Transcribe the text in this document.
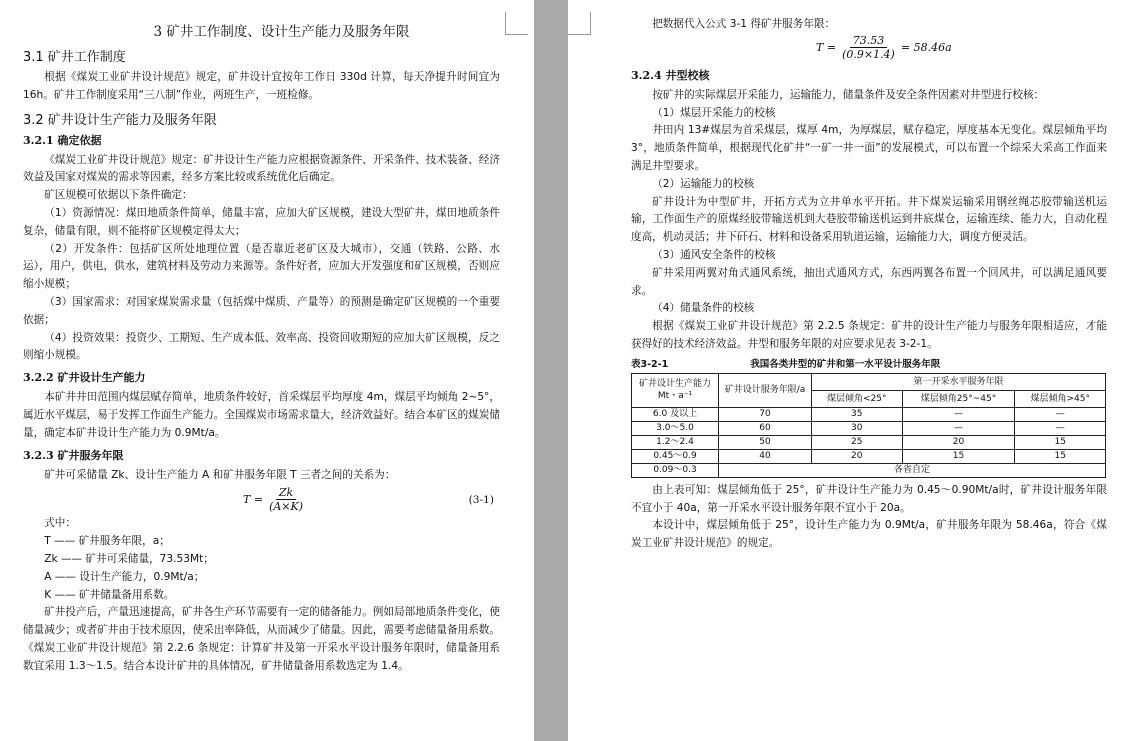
3 矿井工作制度、设计生产能力及服务年限

3.1 矿井工作制度

根据《煤炭工业矿井设计规范》规定，矿井设计宜按年工作日 330d 计算，每天净提升时间宜为 16h。矿井工作制度采用“三八制”作业，两班生产，一班检修。

3.2 矿井设计生产能力及服务年限

3.2.1 确定依据

《煤炭工业矿井设计规范》规定：矿井设计生产能力应根据资源条件、开采条件、技术装备、经济效益及国家对煤炭的需求等因素，经多方案比较或系统优化后确定。

矿区规模可依据以下条件确定：

（1）资源情况：煤田地质条件简单，储量丰富，应加大矿区规模，建设大型矿井，煤田地质条件复杂，储量有限，则不能将矿区规模定得太大；

（2）开发条件：包括矿区所处地理位置（是否靠近老矿区及大城市），交通（铁路、公路、水运），用户，供电，供水，建筑材料及劳动力来源等。条件好者，应加大开发强度和矿区规模，否则应缩小规模；

（3）国家需求：对国家煤炭需求量（包括煤中煤质、产量等）的预测是确定矿区规模的一个重要依据；

（4）投资效果：投资少、工期短、生产成本低、效率高、投资回收期短的应加大矿区规模，反之则缩小规模。

3.2.2 矿井设计生产能力

本矿井井田范围内煤层赋存简单，地质条件较好，首采煤层平均厚度 4m，煤层平均倾角 2~5°，属近水平煤层，易于发挥工作面生产能力。全国煤炭市场需求量大，经济效益好。结合本矿区的煤炭储量，确定本矿井设计生产能力为 0.9Mt/a。

3.2.3 矿井服务年限

矿井可采储量 Zk、设计生产能力 A 和矿井服务年限 T 三者之间的关系为：

$T = \frac{Zk}{(A\times K)}$	(3-1)

式中：

T —— 矿井服务年限，a；

Zk —— 矿井可采储量，73.53Mt；

A —— 设计生产能力，0.9Mt/a；

K —— 矿井储量备用系数。

矿井投产后，产量迅速提高，矿井各生产环节需要有一定的储备能力。例如局部地质条件变化，使储量减少；或者矿井由于技术原因，使采出率降低，从而减少了储量。因此，需要考虑储量备用系数。《煤炭工业矿井设计规范》第 2.2.6 条规定：计算矿井及第一开采水平设计服务年限时，储量备用系数宜采用 1.3～1.5。结合本设计矿井的具体情况，矿井储量备用系数选定为 1.4。

把数据代入公式 3-1 得矿井服务年限：

$T = \frac{73.53}{(0.9\times 1.4)} = 58.46a$

3.2.4 井型校核

按矿井的实际煤层开采能力，运输能力，储量条件及安全条件因素对井型进行校核：

（1）煤层开采能力的校核

井田内 13#煤层为首采煤层，煤厚 4m，为厚煤层，赋存稳定，厚度基本无变化。煤层倾角平均 3°，地质条件简单，根据现代化矿井“一矿一井一面”的发展模式，可以布置一个综采大采高工作面来满足井型要求。

（2）运输能力的校核

矿井设计为中型矿井，开拓方式为立井单水平开拓。井下煤炭运输采用钢丝绳芯胶带输送机运输，工作面生产的原煤经胶带输送机到大巷胶带输送机运到井底煤仓，运输连续、能力大，自动化程度高，机动灵活；井下矸石、材料和设备采用轨道运输，运输能力大，调度方便灵活。

（3）通风安全条件的校核

矿井采用两翼对角式通风系统，抽出式通风方式，东西两翼各布置一个回风井，可以满足通风要求。

（4）储量条件的校核

根据《煤炭工业矿井设计规范》第 2.2.5 条规定：矿井的设计生产能力与服务年限相适应，才能获得好的技术经济效益。井型和服务年限的对应要求见表 3-2-1。

表3-2-1	我国各类井型的矿井和第一水平设计服务年限
矿井设计生产能力Mt・a⁻¹	矿井设计服务年限/a	第一开采水平服务年限		
		煤层倾角<25°	煤层倾角25°~45°	煤层倾角>45°
6.0 及以上	70	35	—	—
3.0～5.0	60	30	—	—
1.2～2.4	50	25	20	15
0.45～0.9	40	20	15	15
0.09～0.3	各省自定			

由上表可知：煤层倾角低于 25°，矿井设计生产能力为 0.45～0.90Mt/a时，矿井设计服务年限不宜小于 40a，第一开采水平设计服务年限不宜小于 20a。

本设计中，煤层倾角低于 25°，设计生产能力为 0.9Mt/a，矿井服务年限为 58.46a，符合《煤炭工业矿井设计规范》的规定。
